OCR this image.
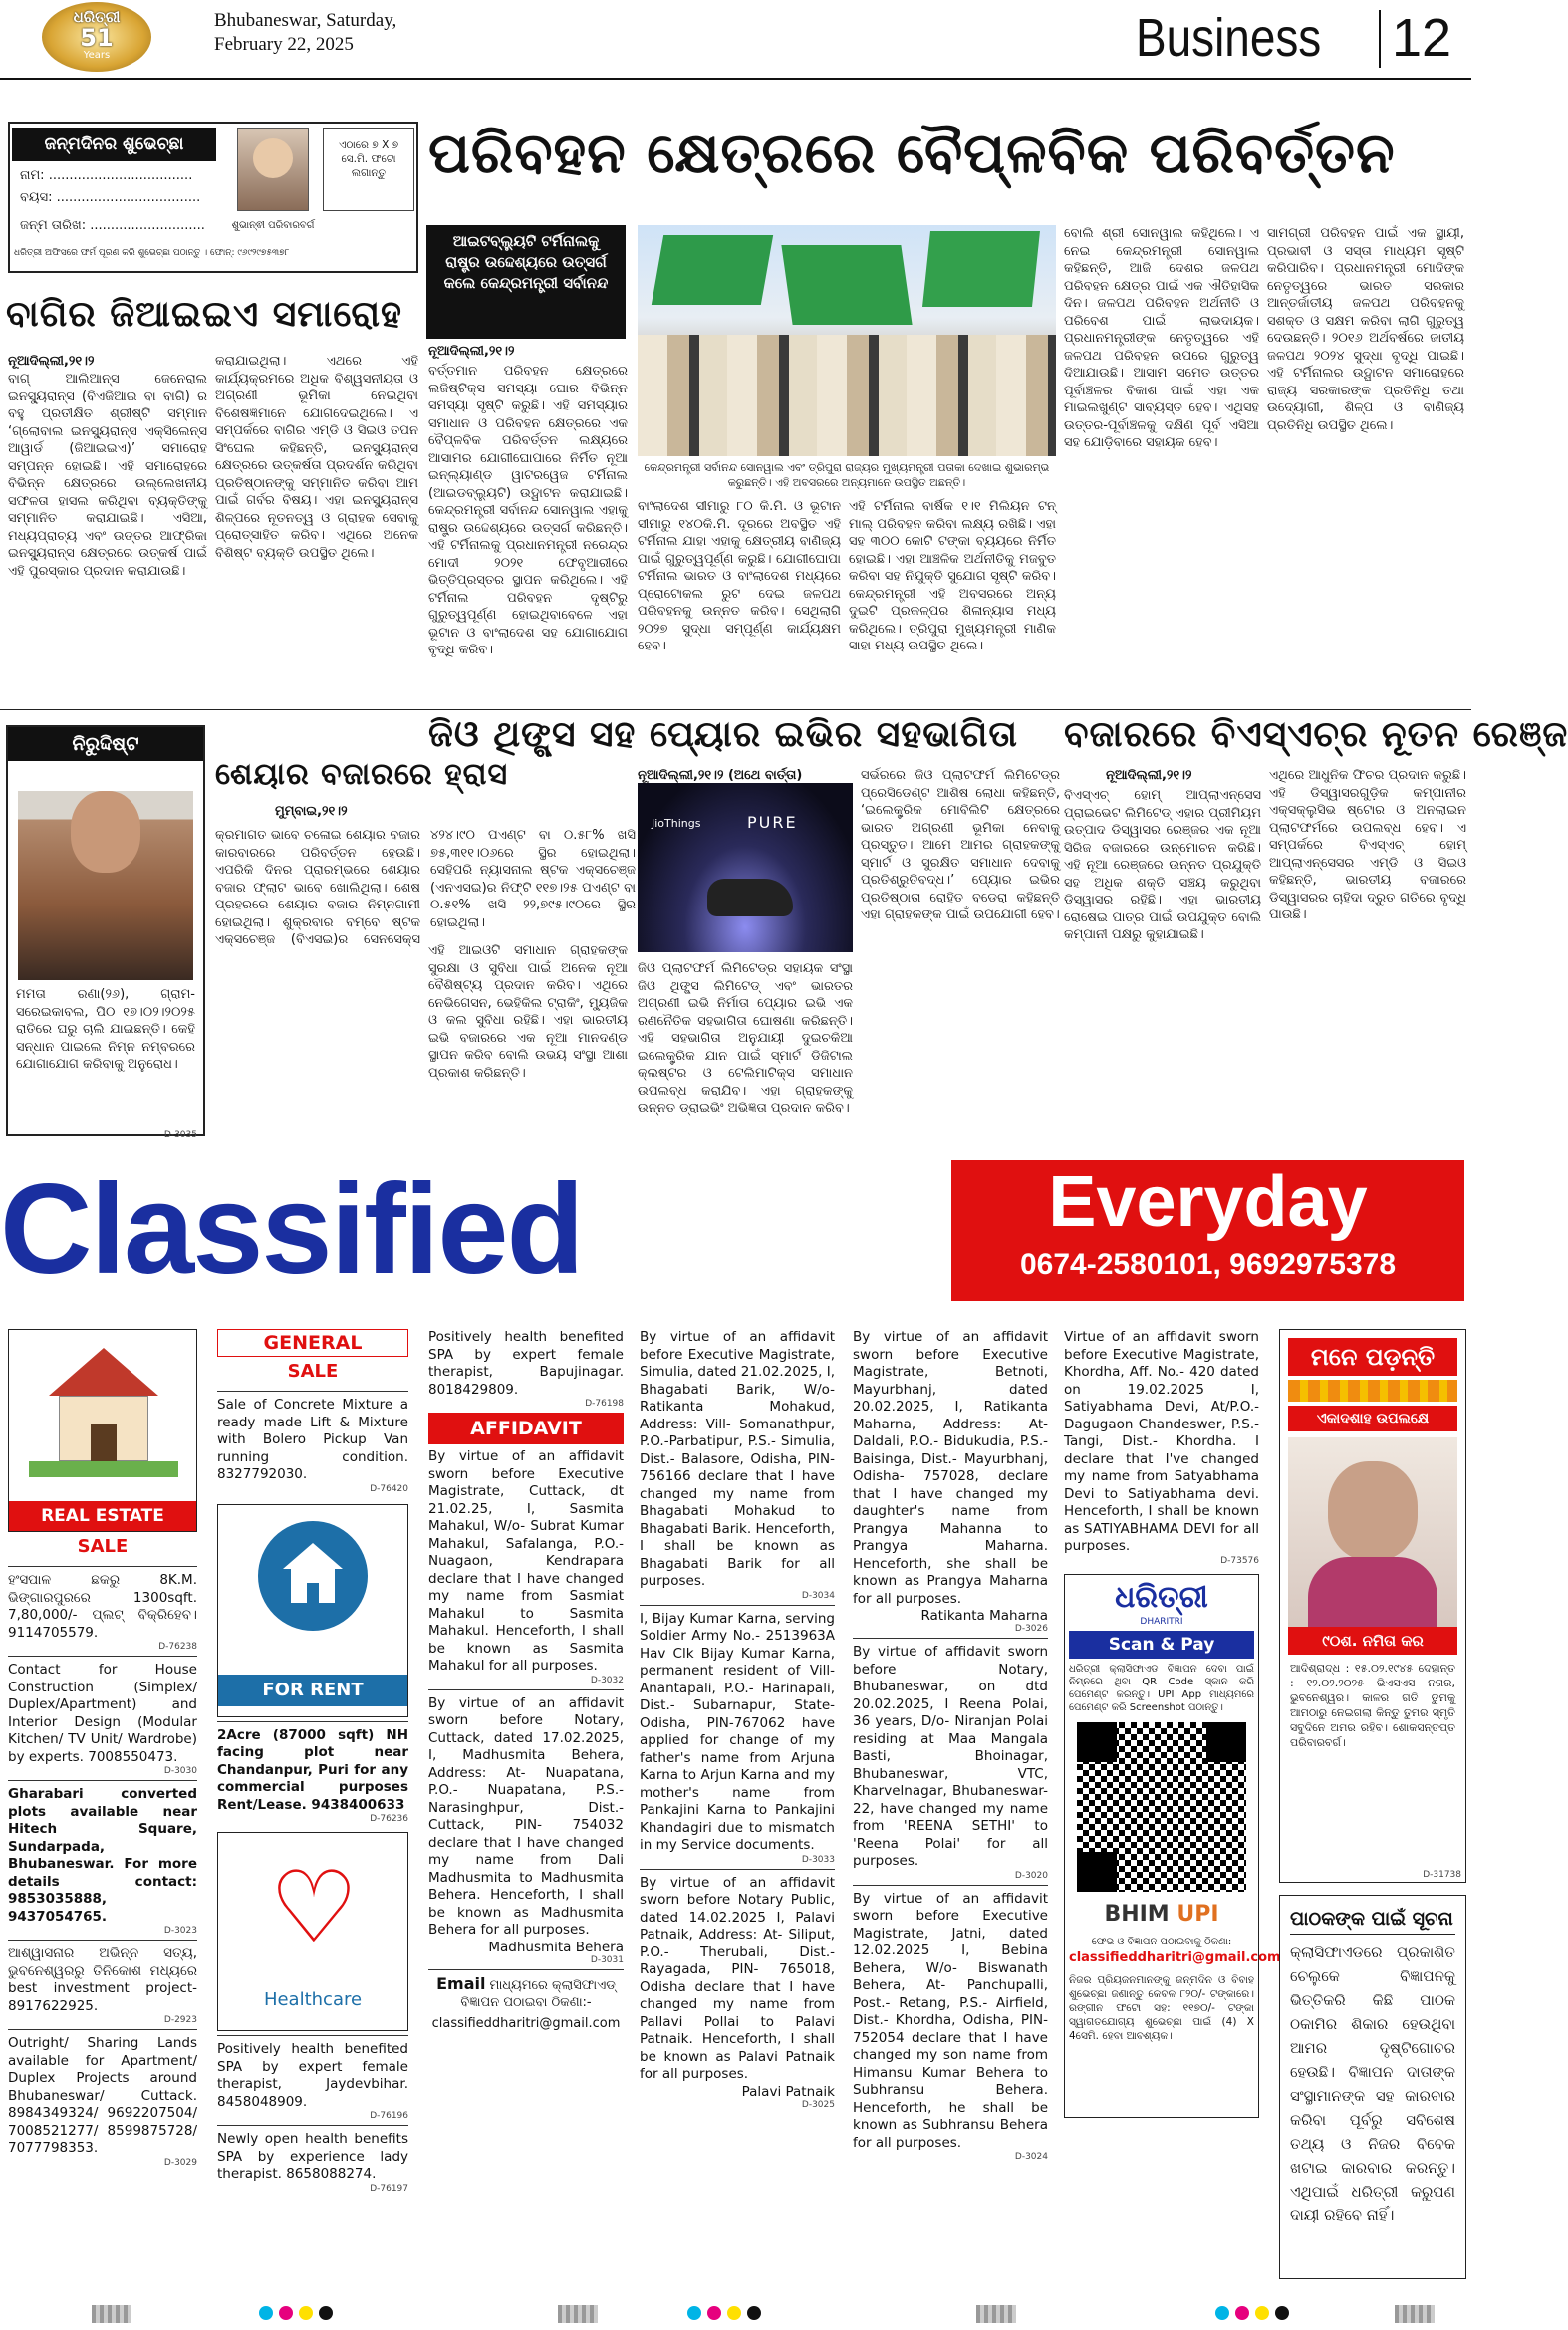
ଧରିତ୍ରୀ
51
Years
Bhubaneswar, Saturday,
February 22, 2025	Business 12
ଜନ୍ମଦିନର ଶୁଭେଚ୍ଛା
ନାମ: ...................................
ବୟସ: ...................................
ଜନ୍ମ ତାରିଖ: ............................	ଶୁଭାନ୍ଵୀ ପରିବାରବର୍ଗ
ଏଠାରେ ୭ X ୭ ସେ.ମି. ଫଟୋ ଲଗାନ୍ତୁ
ଧରିତ୍ରୀ ଅଫିସରେ ଫର୍ମ ପୂରଣ କରି ଶୁଭେଚ୍ଛା ପଠାନ୍ତୁ । ଫୋନ୍: ୯୬୯୨୯୭୫୩୭୮
ପରିବହନ କ୍ଷେତ୍ରରେ ବୈପ୍ଳବିକ ପରିବର୍ତ୍ତନ
ଆଇଟବ୍ଲ୍ୟୁଟି ଟର୍ମିନାଲକୁ ରାଷ୍ଟ୍ର ଉଦ୍ଦେଶ୍ୟରେ ଉତ୍ସର୍ଗ କଲେ କେନ୍ଦ୍ରମନ୍ତ୍ରୀ ସର୍ବାନନ୍ଦ
ନୂଆଦିଲ୍ଲୀ,୨୧।୨
କେନ୍ଦ୍ରମନ୍ତ୍ରୀ ସର୍ବାନନ୍ଦ ସୋନୱାଲ ଏବଂ ତ୍ରିପୁରା ରାଜ୍ୟର ମୁଖ୍ୟମନ୍ତ୍ରୀ ପତାକା ଦେଖାଇ ଶୁଭାରମ୍ଭ କରୁଛନ୍ତି। ଏହି ଅବସରରେ ଅନ୍ୟମାନେ ଉପସ୍ଥିତ ଅଛନ୍ତି।
ବର୍ତ୍ତମାନ ପରିବହନ କ୍ଷେତ୍ରରେ ଲଜିଷ୍ଟିକ୍ସ ସମସ୍ୟା ଘୋର ବିଭିନ୍ନ ସମସ୍ୟା ସୃଷ୍ଟି କରୁଛି। ଏହି ସମସ୍ୟାର ସମାଧାନ ଓ ପରିବହନ କ୍ଷେତ୍ରରେ ଏକ ବୈପ୍ଳବିକ ପରିବର୍ତ୍ତନ ଲକ୍ଷ୍ୟରେ ଆସାମର ଯୋଗୀଘୋପାରେ ନିର୍ମିତ ନୂଆ ଇନ୍ଲ୍ୟାଣ୍ଡ ୱାଟରୱେଜ ଟର୍ମିନାଲ (ଆଇଡବ୍ଲ୍ୟୁଟି) ଉଦ୍ଘାଟନ କରାଯାଇଛି। କେନ୍ଦ୍ରମନ୍ତ୍ରୀ ସର୍ବାନନ୍ଦ ସୋନୱାଲ ଏହାକୁ ରାଷ୍ଟ୍ର ଉଦ୍ଦେଶ୍ୟରେ ଉତ୍ସର୍ଗ କରିଛନ୍ତି। ଏହି ଟର୍ମିନାଲକୁ ପ୍ରଧାନମନ୍ତ୍ରୀ ନରେନ୍ଦ୍ର ମୋଦୀ ୨୦୨୧ ଫେବୃଆରୀରେ ଭିତ୍ତିପ୍ରସ୍ତର ସ୍ଥାପନ କରିଥିଲେ। ଏହି ଟର୍ମିନାଲ ପରିବହନ ଦୃଷ୍ଟିରୁ ଗୁରୁତ୍ୱପୂର୍ଣ୍ଣ ହୋଇଥିବାବେଳେ ଏହା ଭୂଟାନ ଓ ବାଂଲାଦେଶ ସହ ଯୋଗାଯୋଗ ବୃଦ୍ଧି କରିବ।
ବାଂଲାଦେଶ ସୀମାରୁ ୮୦ କି.ମି. ଓ ଭୂଟାନ ସୀମାରୁ ୧୪୦କି.ମି. ଦୂରରେ ଅବସ୍ଥିତ ଏହି ଟର୍ମିନାଲ ଯାହା ଏହାକୁ କ୍ଷେତ୍ରୀୟ ବାଣିଜ୍ୟ ପାଇଁ ଗୁରୁତ୍ୱପୂର୍ଣ୍ଣ କରୁଛି। ଯୋଗୀଘୋପା ଟର୍ମିନାଲ ଭାରତ ଓ ବାଂଲାଦେଶ ମଧ୍ୟରେ ପ୍ରୋଟୋକଲ ରୁଟ ଦେଇ ଜଳପଥ ପରିବହନକୁ ଉନ୍ନତ କରିବ। ସେଥିଲାଗି ୨୦୨୭ ସୁଦ୍ଧା ସମ୍ପୂର୍ଣ୍ଣ କାର୍ଯ୍ୟକ୍ଷମ ହେବ।
ଏହି ଟର୍ମିନାଲ ବାର୍ଷିକ ୧।୧ ମିଲିୟନ ଟନ୍ ମାଲ୍ ପରିବହନ କରିବା ଲକ୍ଷ୍ୟ ରଖିଛି। ଏହା ସହ ୩୦୦ କୋଟି ଟଙ୍କା ବ୍ୟୟରେ ନିର୍ମିତ ହୋଇଛି। ଏହା ଆଞ୍ଚଳିକ ଅର୍ଥନୀତିକୁ ମଜବୁତ କରିବା ସହ ନିଯୁକ୍ତି ସୁଯୋଗ ସୃଷ୍ଟି କରିବ। କେନ୍ଦ୍ରମନ୍ତ୍ରୀ ଏହି ଅବସରରେ ଅନ୍ୟ ଦୁଇଟି ପ୍ରକଳ୍ପର ଶିଳାନ୍ୟାସ ମଧ୍ୟ କରିଥିଲେ। ତ୍ରିପୁରା ମୁଖ୍ୟମନ୍ତ୍ରୀ ମାଣିକ ସାହା ମଧ୍ୟ ଉପସ୍ଥିତ ଥିଲେ।
ବୋଲି ଶ୍ରୀ ସୋନୱାଲ କହିଥିଲେ। ଏ ନେଇ କେନ୍ଦ୍ରମନ୍ତ୍ରୀ ସୋନୱାଲ କହିଛନ୍ତି, ଆଜି ଦେଶର ଜଳପଥ ପରିବହନ କ୍ଷେତ୍ର ପାଇଁ ଏକ ଐତିହାସିକ ଦିନ। ଜଳପଥ ପରିବହନ ଅର୍ଥନୀତି ଓ ପରିବେଶ ପାଇଁ ଲାଭଦାୟକ। ପ୍ରଧାନମନ୍ତ୍ରୀଙ୍କ ନେତୃତ୍ୱରେ ଏହି ଜଳପଥ ପରିବହନ ଉପରେ ଗୁରୁତ୍ୱ ଦିଆଯାଉଛି। ଆସାମ ସମେତ ଉତ୍ତର ପୂର୍ବାଞ୍ଚଳର ବିକାଶ ପାଇଁ ଏହା ଏକ ମାଇଲଖୁଣ୍ଟ ସାବ୍ୟସ୍ତ ହେବ। ଏଥିସହ ଉତ୍ତର-ପୂର୍ବାଞ୍ଚଳକୁ ଦକ୍ଷିଣ ପୂର୍ବ ଏସିଆ ସହ ଯୋଡ଼ିବାରେ ସହାୟକ ହେବ।
ସାମଗ୍ରୀ ପରିବହନ ପାଇଁ ଏକ ସ୍ଥାୟୀ, ପ୍ରଭାବୀ ଓ ସସ୍ତା ମାଧ୍ୟମ ସୃଷ୍ଟି କରିପାରିବ। ପ୍ରଧାନମନ୍ତ୍ରୀ ମୋଦିଙ୍କ ନେତୃତ୍ୱରେ ଭାରତ ସରକାର ଆନ୍ତର୍ଜାତୀୟ ଜଳପଥ ପରିବହନକୁ ସଶକ୍ତ ଓ ସକ୍ଷମ କରିବା ଲାଗି ଗୁରୁତ୍ୱ ଦେଉଛନ୍ତି। ୨୦୧୬ ଅର୍ଥବର୍ଷରେ ଜାତୀୟ ଜଳପଥ ୨୦୨୪ ସୁଦ୍ଧା ବୃଦ୍ଧି ପାଇଛି। ଏହି ଟର୍ମିନାଲର ଉଦ୍ଘାଟନ ସମାରୋହରେ ରାଜ୍ୟ ସରକାରଙ୍କ ପ୍ରତିନିଧି ତଥା ଉଦ୍ୟୋଗୀ, ଶିଳ୍ପ ଓ ବାଣିଜ୍ୟ ପ୍ରତିନିଧି ଉପସ୍ଥିତ ଥିଲେ।
ବାଗିର ଜିଆଇଇଏ ସମାରୋହ
ନୂଆଦିଲ୍ଲୀ,୨୧।୨
ବାଗ୍ ଆଲିଆନ୍ସ ଜେନେରାଲ ଇନସ୍ୟୁରାନ୍ସ (ବିଏଜିଆଇ ବା ବାଗି) ର ବହୁ ପ୍ରତୀକ୍ଷିତ ଶ୍ରୀଷ୍ଟି ସମ୍ମାନ ‘ଗ୍ଲୋବାଲ ଇନସ୍ୟୁରାନ୍ସ ଏକ୍ସିଲେନ୍ସ ଆୱାର୍ଡ (ଜିଆଇଇଏ)’ ସମାରୋହ ସମ୍ପନ୍ନ ହୋଇଛି। ଏହି ସମାରୋହରେ ବିଭିନ୍ନ କ୍ଷେତ୍ରରେ ଉଲ୍ଲେଖନୀୟ ସଫଳତା ହାସଲ କରିଥିବା ବ୍ୟକ୍ତିଙ୍କୁ ସମ୍ମାନିତ କରାଯାଇଛି। ଏସିଆ, ମଧ୍ୟପ୍ରାଚ୍ୟ ଏବଂ ଉତ୍ତର ଆଫ୍ରିକା ଇନସ୍ୟୁରାନ୍ସ କ୍ଷେତ୍ରରେ ଉତ୍କର୍ଷ ପାଇଁ ଏହି ପୁରସ୍କାର ପ୍ରଦାନ କରାଯାଉଛି।
କରାଯାଇଥିଲା। ଏଥରେ ଏହି କାର୍ଯ୍ୟକ୍ରମରେ ଅଧିକ ବିଶ୍ୱସନୀୟତା ଓ ଅଗ୍ରଣୀ ଭୂମିକା ନେଇଥିବା ବିଶେଷଜ୍ଞମାନେ ଯୋଗଦେଇଥିଲେ। ଏ ସମ୍ପର୍କରେ ବାଗିର ଏମ୍‌ଡି ଓ ସିଇଓ ତପନ ସିଂଘେଲ କହିଛନ୍ତି, ଇନସ୍ୟୁରାନ୍ସ କ୍ଷେତ୍ରରେ ଉତ୍କର୍ଷତା ପ୍ରଦର୍ଶନ କରିଥିବା ପ୍ରତିଷ୍ଠାନଙ୍କୁ ସମ୍ମାନିତ କରିବା ଆମ ପାଇଁ ଗର୍ବର ବିଷୟ। ଏହା ଇନସ୍ୟୁରାନ୍ସ ଶିଳ୍ପରେ ନୂତନତ୍ୱ ଓ ଗ୍ରାହକ ସେବାକୁ ପ୍ରୋତ୍ସାହିତ କରିବ। ଏଥିରେ ଅନେକ ବିଶିଷ୍ଟ ବ୍ୟକ୍ତି ଉପସ୍ଥିତ ଥିଲେ।
ନିରୁଦ୍ଦିଷ୍ଟ
ମମତା ରଣା(୨୬), ଗ୍ରାମ- ସରେଇକାବଲ, ପି୦ ୧୭।୦୨।୨୦୨୫ ରାତିରେ ଘରୁ ଚାଲି ଯାଇଛନ୍ତି। କେହି ସନ୍ଧାନ ପାଇଲେ ନିମ୍ନ ନମ୍ବରରେ ଯୋଗାଯୋଗ କରିବାକୁ ଅନୁରୋଧ।
D-3035
ଶେୟାର ବଜାରରେ ହ୍ରାସ
ମୁମ୍ବାଇ,୨୧।୨
କ୍ରମାଗତ ଭାବେ ଚଳୋଇ ଶେୟାର ବଜାର କାରବାରରେ ପରିବର୍ତ୍ତନ ହେଉଛି। ଏପରିକି ଦିନର ପ୍ରାରମ୍ଭରେ ଶେୟାର ବଜାର ଫ୍ଲାଟ ଭାବେ ଖୋଲିଥିଲା। ଶେଷ ପ୍ରହରରେ ଶେୟାର ବଜାର ନିମ୍ନଗାମୀ ହୋଇଥିଲା। ଶୁକ୍ରବାର ବମ୍ବେ ଷ୍ଟକ ଏକ୍ସଚେଞ୍ଜ (ବିଏସଇ)ର ସେନସେକ୍ସ ୪୨୪।୯୦ ପଏଣ୍ଟ ବା ୦.୫୮% ଖସି ୭୫,୩୧୧।୦୬ରେ ସ୍ଥିର ହୋଇଥିଲା। ସେହିପରି ନ୍ୟାସନାଲ ଷ୍ଟକ ଏକ୍ସଚେଞ୍ଜ (ଏନଏସଇ)ର ନିଫ୍ଟି ୧୧୭।୨୫ ପଏଣ୍ଟ ବା ୦.୫୧% ଖସି ୨୨,୭୯୫।୯୦ରେ ସ୍ଥିର ହୋଇଥିଲା।
ଜିଓ ଥିଙ୍ଗ୍ସ ସହ ପ୍ୟୋର ଇଭିର ସହଭାଗିତା
ନୂଆଦିଲ୍ଲୀ,୨୧।୨ (ଅଥେ ବାର୍ତ୍ତା)
JioThings	PURE
ଜିଓ ପ୍ଲାଟଫର୍ମ ଲିମିଟେଡ୍ର ସହାୟକ ସଂସ୍ଥା ଜିଓ ଥିଙ୍ଗ୍ସ ଲିମିଟେଡ୍ ଏବଂ ଭାରତର ଅଗ୍ରଣୀ ଇଭି ନିର୍ମାତା ପ୍ୟୋର ଇଭି ଏକ ରଣନୈତିକ ସହଭାଗିତା ଘୋଷଣା କରିଛନ୍ତି। ଏହି ସହଭାଗିତା ଅନୁଯାୟୀ ଦୁଇଚକିଆ ଇଲେକ୍ଟ୍ରିକ ଯାନ ପାଇଁ ସ୍ମାର୍ଟ ଡିଜିଟାଲ କ୍ଲଷ୍ଟର ଓ ଟେଲିମାଟିକ୍ସ ସମାଧାନ ଉପଲବ୍ଧ କରାଯିବ। ଏହା ଗ୍ରାହକଙ୍କୁ ଉନ୍ନତ ଡ୍ରାଇଭିଂ ଅଭିଜ୍ଞତା ପ୍ରଦାନ କରିବ।
ଏହି ଆଇଓଟି ସମାଧାନ ଗ୍ରାହକଙ୍କ ସୁରକ୍ଷା ଓ ସୁବିଧା ପାଇଁ ଅନେକ ନୂଆ ବୈଶିଷ୍ଟ୍ୟ ପ୍ରଦାନ କରିବ। ଏଥିରେ ନେଭିଗେସନ, ଭେହିକିଲ ଟ୍ରାକିଂ, ମ୍ୟୁଜିକ ଓ କଲ ସୁବିଧା ରହିଛି। ଏହା ଭାରତୀୟ ଇଭି ବଜାରରେ ଏକ ନୂଆ ମାନଦଣ୍ଡ ସ୍ଥାପନ କରିବ ବୋଲି ଉଭୟ ସଂସ୍ଥା ଆଶା ପ୍ରକାଶ କରିଛନ୍ତି।
ସର୍ଭରରେ ଜିଓ ପ୍ଲାଟଫର୍ମ ଲିମିଟେଡ୍ର ପ୍ରେସିଡେଣ୍ଟ ଆଶିଷ ଲୋଧା କହିଛନ୍ତି, ‘ଇଲେକ୍ଟ୍ରିକ ମୋବିଲିଟି କ୍ଷେତ୍ରରେ ଭାରତ ଅଗ୍ରଣୀ ଭୂମିକା ନେବାକୁ ପ୍ରସ୍ତୁତ। ଆମେ ଆମର ଗ୍ରାହକଙ୍କୁ ସ୍ମାର୍ଟ ଓ ସୁରକ୍ଷିତ ସମାଧାନ ଦେବାକୁ ପ୍ରତିଶ୍ରୁତିବଦ୍ଧ।’ ପ୍ୟୋର ଇଭିର ପ୍ରତିଷ୍ଠାତା ରୋହିତ ବଡେରା କହିଛନ୍ତି ଏହା ଗ୍ରାହକଙ୍କ ପାଇଁ ଉପଯୋଗୀ ହେବ।
ବଜାରରେ ବିଏସ୍‌ଏଚ୍‌ର ନୂତନ ରେଞ୍ଜ
ନୂଆଦିଲ୍ଲୀ,୨୧।୨
ବିଏସ୍‌ଏଚ୍ ହୋମ୍ ଆପ୍ଲାଏନ୍ସେସ ପ୍ରାଇଭେଟ ଲିମିଟେଡ୍ ଏହାର ପ୍ରୀମିୟମ ଉତ୍ପାଦ ଡିସ୍‌ୱାସର ରେଞ୍ଜର ଏକ ନୂଆ ସିରିଜ ବଜାରରେ ଉନ୍ମୋଚନ କରିଛି। ଏହି ନୂଆ ରେଞ୍ଜରେ ଉନ୍ନତ ପ୍ରଯୁକ୍ତି ସହ ଅଧିକ ଶକ୍ତି ସଞ୍ଚୟ କରୁଥିବା ଡିସ୍‌ୱାସର ରହିଛି। ଏହା ଭାରତୀୟ ରୋଷେଇ ପାତ୍ର ପାଇଁ ଉପଯୁକ୍ତ ବୋଲି କମ୍ପାନୀ ପକ୍ଷରୁ କୁହାଯାଇଛି।
ଏଥିରେ ଆଧୁନିକ ଫିଚର ପ୍ରଦାନ କରୁଛି। ଏହି ଡିସ୍‌ୱାସରଗୁଡ଼ିକ କମ୍ପାନୀର ଏକ୍ସକ୍ଲୁସିଭ ଷ୍ଟୋର ଓ ଅନଲାଇନ ପ୍ଲାଟଫର୍ମରେ ଉପଲବ୍ଧ ହେବ। ଏ ସମ୍ପର୍କରେ ବିଏସ୍‌ଏଚ୍ ହୋମ୍ ଆପ୍ଲାଏନ୍ସେସର ଏମ୍‌ଡି ଓ ସିଇଓ କହିଛନ୍ତି, ଭାରତୀୟ ବଜାରରେ ଡିସ୍‌ୱାସରର ଚାହିଦା ଦ୍ରୁତ ଗତିରେ ବୃଦ୍ଧି ପାଉଛି।
Classified	Everyday
0674-2580101, 9692975378
REAL ESTATE
SALE
ହଂସପାଳ ଛକରୁ 8K.M. ଭିଙ୍ଗାରପୁରରେ 1300sqft. 7,80,000/- ପ୍ଲଟ୍ ବିକ୍ରିହେବ। 9114705579.
D-76238
Contact for House Construction (Simplex/ Duplex/Apartment) and Interior Design (Modular Kitchen/ TV Unit/ Wardrobe) by experts. 7008550473.
D-3030
Gharabari converted plots available near Hitech Square, Sundarpada, Bhubaneswar. For more details contact: 9853035888, 9437054765.
D-3023
ଆଶ୍ୱାସନାର ଅଭିନ୍ନ ସତ୍ୟ, ଭୁବନେଶ୍ୱରରୁ ତିନିକୋଶ ମଧ୍ୟରେ best investment project- 8917622925.
D-2923
Outright/ Sharing Lands available for Apartment/ Duplex Projects around Bhubaneswar/ Cuttack. 8984349324/ 9692207504/ 7008521277/ 8599875728/ 7077798353.
D-3029
GENERAL
SALE
Sale of Concrete Mixture a ready made Lift & Mixture with Bolero Pickup Van running condition. 8327792030.
D-76420
FOR RENT
2Acre (87000 sqft) NH facing plot near Chandanpur, Puri for any commercial purposes Rent/Lease. 9438400633
D-76236
♡
Healthcare
Positively health benefited SPA by expert female therapist, Jaydevbihar. 8458048909.
D-76196
Newly open health benefits SPA by experience lady therapist. 8658088274.
D-76197
Positively health benefited SPA by expert female therapist, Bapujinagar. 8018429809.
D-76198
AFFIDAVIT
By virtue of an affidavit sworn before Executive Magistrate, Cuttack, dt 21.02.25, I, Sasmita Mahakul, W/o- Subrat Kumar Mahakul, Safalanga, P.O.- Nuagaon, Kendrapara declare that I have changed my name from Sasmiat Mahakul to Sasmita Mahakul. Henceforth, I shall be known as Sasmita Mahakul for all purposes.
D-3032
By virtue of an affidavit sworn before Notary, Cuttack, dated 17.02.2025, I, Madhusmita Behera, Address: At- Nuapatana, P.O.- Nuapatana, P.S.- Narasinghpur, Dist.- Cuttack, PIN- 754032 declare that I have changed my name from Dali Madhusmita to Madhusmita Behera. Henceforth, I shall be known as Madhusmita Behera for all purposes.
Madhusmita Behera
D-3031
Email ମାଧ୍ୟମରେ କ୍ଲାସିଫାଏଡ୍ ବିଜ୍ଞାପନ ପଠାଇବା ଠିକଣା:-
classifieddharitri@gmail.com
By virtue of an affidavit before Executive Magistrate, Simulia, dated 21.02.2025, I, Bhagabati Barik, W/o- Ratikanta Mohakud, Address: Vill- Somanathpur, P.O.-Parbatipur, P.S.- Simulia, Dist.- Balasore, Odisha, PIN- 756166 declare that I have changed my name from Bhagabati Mohakud to Bhagabati Barik. Henceforth, I shall be known as Bhagabati Barik for all purposes.
D-3034
I, Bijay Kumar Karna, serving Soldier Army No.- 2513963A Hav Clk Bijay Kumar Karna, permanent resident of Vill- Anantapali, P.O.- Harinapali, Dist.- Subarnapur, State- Odisha, PIN-767062 have applied for change of my father's name from Arjuna Karna to Arjun Karna and my mother's name from Pankajini Karna to Pankajini Khandagiri due to mismatch in my Service documents.
D-3033
By virtue of an affidavit sworn before Notary Public, dated 14.02.2025 I, Palavi Patnaik, Address: At- Siliput, P.O.- Therubali, Dist.- Rayagada, PIN- 765018, Odisha declare that I have changed my name from Pallavi Pollai to Palavi Patnaik. Henceforth, I shall be known as Palavi Patnaik for all purposes.
Palavi Patnaik
D-3025
By virtue of an affidavit sworn before Executive Magistrate, Betnoti, Mayurbhanj, dated 20.02.2025, I, Ratikanta Maharna, Address: At- Daldali, P.O.- Bidukudia, P.S.- Baisinga, Dist.- Mayurbhanj, Odisha- 757028, declare that I have changed my daughter's name from Prangya Mahanna to Prangya Maharna. Henceforth, she shall be known as Prangya Maharna for all purposes.
Ratikanta Maharna
D-3026
By virtue of affidavit sworn before Notary, Bhubaneswar, on dtd 20.02.2025, I Reena Polai, 36 years, D/o- Niranjan Polai residing at Maa Mangala Basti, Bhoinagar, Bhubaneswar, VTC, Kharvelnagar, Bhubaneswar- 22, have changed my name from 'REENA SETHI' to 'Reena Polai' for all purposes.
D-3020
By virtue of an affidavit sworn before Executive Magistrate, Jatni, dated 12.02.2025 I, Bebina Behera, W/o- Biswanath Behera, At- Panchupalli, Post.- Retang, P.S.- Airfield, Dist.- Khordha, Odisha, PIN- 752054 declare that I have changed my son name from Himansu Kumar Behera to Subhransu Behera. Henceforth, he shall be known as Subhransu Behera for all purposes.
D-3024
Virtue of an affidavit sworn before Executive Magistrate, Khordha, Aff. No.- 420 dated on 19.02.2025 I, Satiyabhama Devi, At/P.O.- Dagugaon Chandeswer, P.S.- Tangi, Dist.- Khordha. I declare that I've changed my name from Satyabhama Devi to Satiyabhama devi. Henceforth, I shall be known as SATIYABHAMA DEVI for all purposes.
D-73576
ଧରିତ୍ରୀ
DHARITRI
Scan & Pay
ଧରିତ୍ରୀ କ୍ଲାସିଫାଏଡ ବିଜ୍ଞାପନ ଦେବା ପାଇଁ ନିମ୍ନରେ ଥିବା QR Code ସ୍କାନ କରି ପେମେଣ୍ଟ କରନ୍ତୁ। UPI App ମାଧ୍ୟମରେ ପେମେଣ୍ଟ କରି Screenshot ପଠାନ୍ତୁ।
BHIM UPI
ଫେଭ ଓ ବିଜ୍ଞାପନ ପଠାଇବାକୁ ଠିକଣା:
classifieddharitri@gmail.com
ନିଜର ପ୍ରିୟଜନମାନଙ୍କୁ ଜନ୍ମଦିନ ଓ ବିବାହ ଶୁଭେଚ୍ଛା ଜଣାନ୍ତୁ କେବଳ ୮୨୦/- ଟଙ୍କାରେ। ରଙ୍ଗୀନ ଫଟୋ ସହ: ୧୧୭୦/- ଟଙ୍କା ସ୍ୱାଗତଯୋଗ୍ୟ ଶୁଭେଚ୍ଛା ପାଇଁ (4) X 4ସେମି. ହେବା ଆବଶ୍ୟକ।
ମନେ ପଡ଼ନ୍ତି
ଏକାଦଶାହ ଉପଲକ୍ଷେ
୯୦ଶ. ନମିତା କର
ଆଦିଶ୍ରାଦ୍ଧ : ୧୫.୦୨.୧୯୪୫ ଦେହାନ୍ତ : ୧୨.୦୨.୨୦୨୫ ଭିଏସଏସ ନଗର, ଭୁବନେଶ୍ୱର। କାଳର ଗତି ତୁମକୁ ଆମଠାରୁ ନେଇଗଲା କିନ୍ତୁ ତୁମର ସ୍ମୃତି ସବୁଦିନେ ଅମର ରହିବ। ଶୋକସନ୍ତପ୍ତ ପରିବାରବର୍ଗ।
D-31738
ପାଠକଙ୍କ ପାଇଁ ସୂଚନା
କ୍ଲାସିଫାଏଡରେ ପ୍ରକାଶିତ ଚେଲୁକେ ବିଜ୍ଞାପନକୁ ଭିତ୍ତିକରି କିଛି ପାଠକ ଠକାମିର ଶିକାର ହେଉଥିବା ଆମର ଦୃଷ୍ଟିଗୋଚର ହେଉଛି। ବିଜ୍ଞାପନ ଦାତାଙ୍କ ସଂସ୍ଥାମାନଙ୍କ ସହ କାରବାର କରିବା ପୂର୍ବରୁ ସବିଶେଷ ତଥ୍ୟ ଓ ନିଜର ବିବେକ ଖଟାଇ କାରବାର କରନ୍ତୁ। ଏଥିପାଇଁ ଧରିତ୍ରୀ କରୁପଣ ଦାୟୀ ରହିବେ ନାହିଁ।
